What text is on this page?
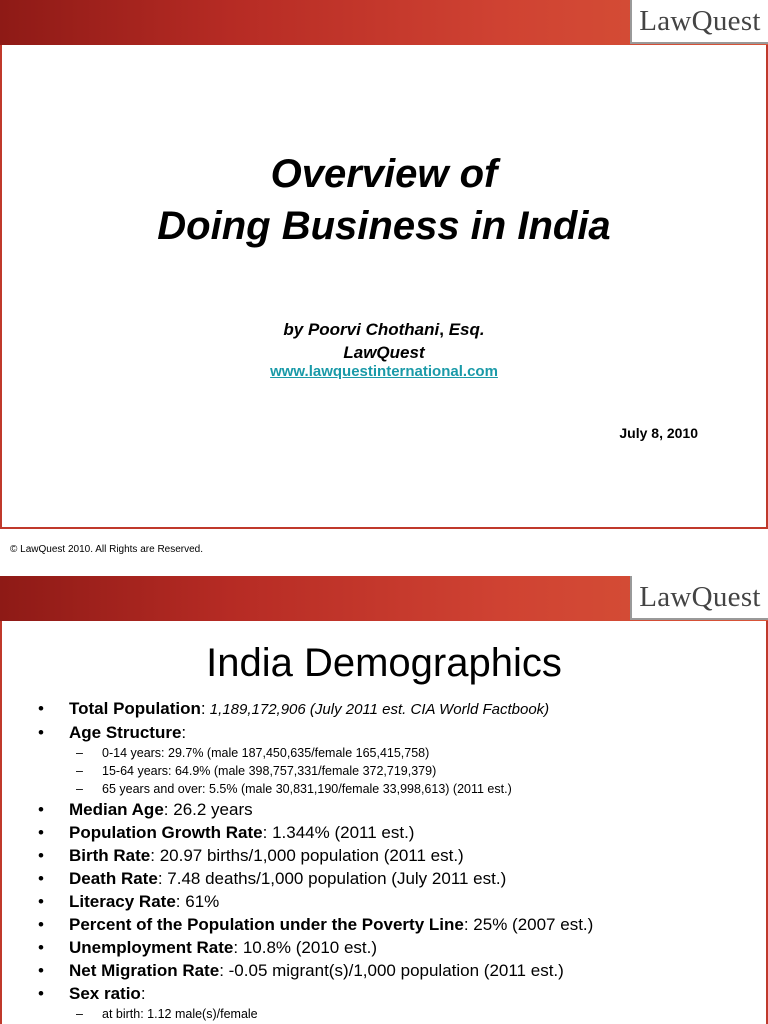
LawQuest
Overview of
Doing Business in India
by Poorvi Chothani, Esq.
LawQuest
www.lawquestinternational.com
July 8, 2010
© LawQuest 2010. All Rights are Reserved.
LawQuest
India Demographics
• Total Population: 1,189,172,906 (July 2011 est. CIA World Factbook)
• Age Structure:
– 0-14 years: 29.7% (male 187,450,635/female 165,415,758)
– 15-64 years: 64.9% (male 398,757,331/female 372,719,379)
– 65 years and over: 5.5% (male 30,831,190/female 33,998,613) (2011 est.)
• Median Age: 26.2 years
• Population Growth Rate: 1.344% (2011 est.)
• Birth Rate: 20.97 births/1,000 population (2011 est.)
• Death Rate: 7.48 deaths/1,000 population (July 2011 est.)
• Literacy Rate: 61%
• Percent of the Population under the Poverty Line: 25% (2007 est.)
• Unemployment Rate: 10.8% (2010 est.)
• Net Migration Rate: -0.05 migrant(s)/1,000 population (2011 est.)
• Sex ratio:
– at birth: 1.12 male(s)/female
